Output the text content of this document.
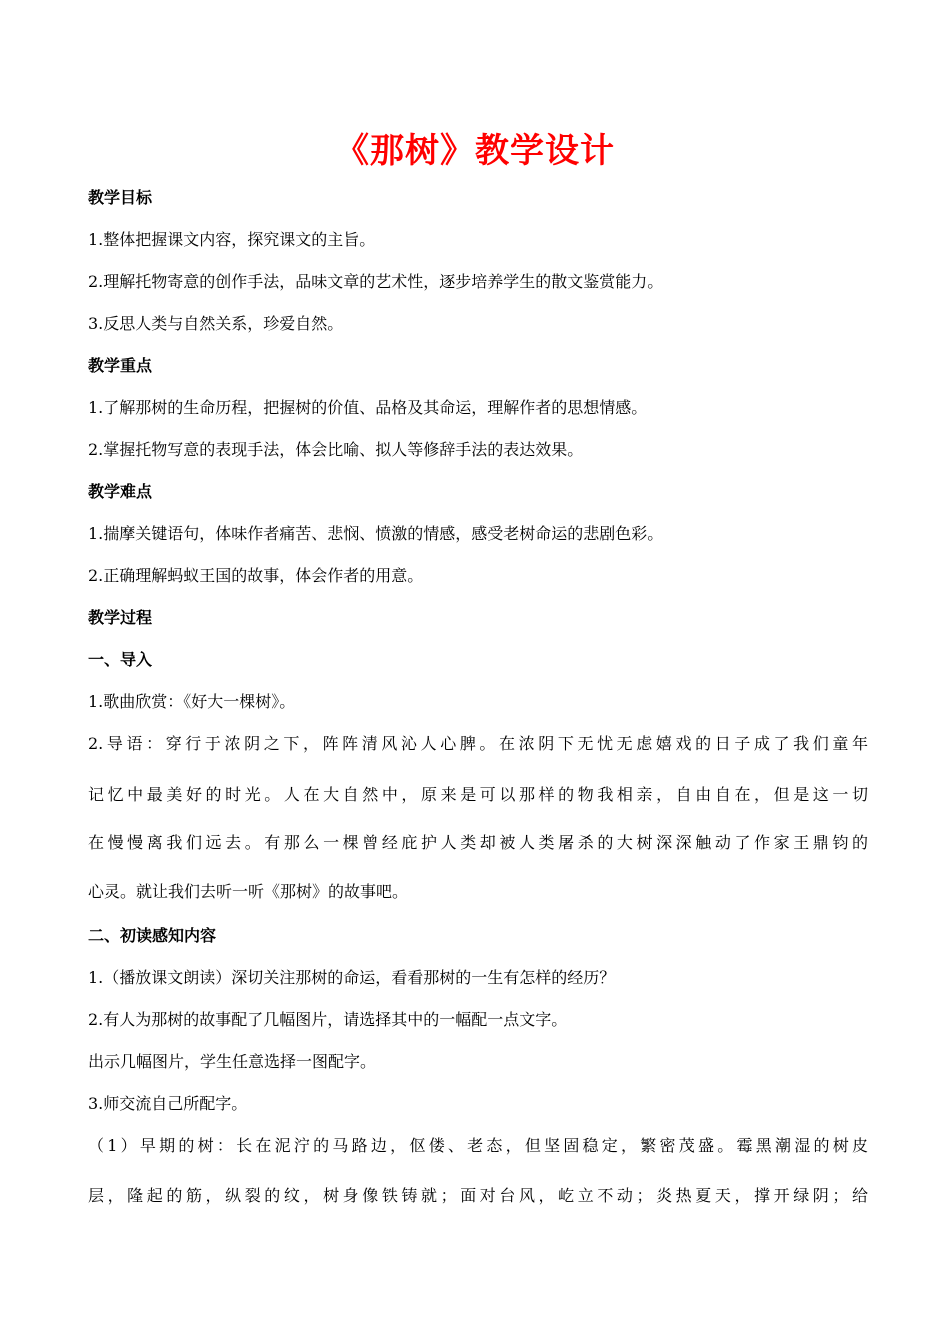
《那树》教学设计
教学目标
1.整体把握课文内容，探究课文的主旨。
2.理解托物寄意的创作手法，品味文章的艺术性，逐步培养学生的散文鉴赏能力。
3.反思人类与自然关系，珍爱自然。
教学重点
1.了解那树的生命历程，把握树的价值、品格及其命运，理解作者的思想情感。
2.掌握托物写意的表现手法，体会比喻、拟人等修辞手法的表达效果。
教学难点
1.揣摩关键语句，体味作者痛苦、悲悯、愤激的情感，感受老树命运的悲剧色彩。
2.正确理解蚂蚁王国的故事，体会作者的用意。
教学过程
一、导入
1.歌曲欣赏：《好大一棵树》。
2.导语：穿行于浓阴之下，阵阵清风沁人心脾。在浓阴下无忧无虑嬉戏的日子成了我们童年
记忆中最美好的时光。人在大自然中，原来是可以那样的物我相亲，自由自在，但是这一切
在慢慢离我们远去。有那么一棵曾经庇护人类却被人类屠杀的大树深深触动了作家王鼎钧的
心灵。就让我们去听一听《那树》的故事吧。
二、初读感知内容
1.（播放课文朗读）深切关注那树的命运，看看那树的一生有怎样的经历？
2.有人为那树的故事配了几幅图片，请选择其中的一幅配一点文字。
出示几幅图片，学生任意选择一图配字。
3.师交流自己所配字。
（1）早期的树：长在泥泞的马路边，伛偻、老态，但坚固稳定，繁密茂盛。霉黑潮湿的树皮
层，隆起的筋，纵裂的纹，树身像铁铸就；面对台风，屹立不动；炎热夏天，撑开绿阴；给
